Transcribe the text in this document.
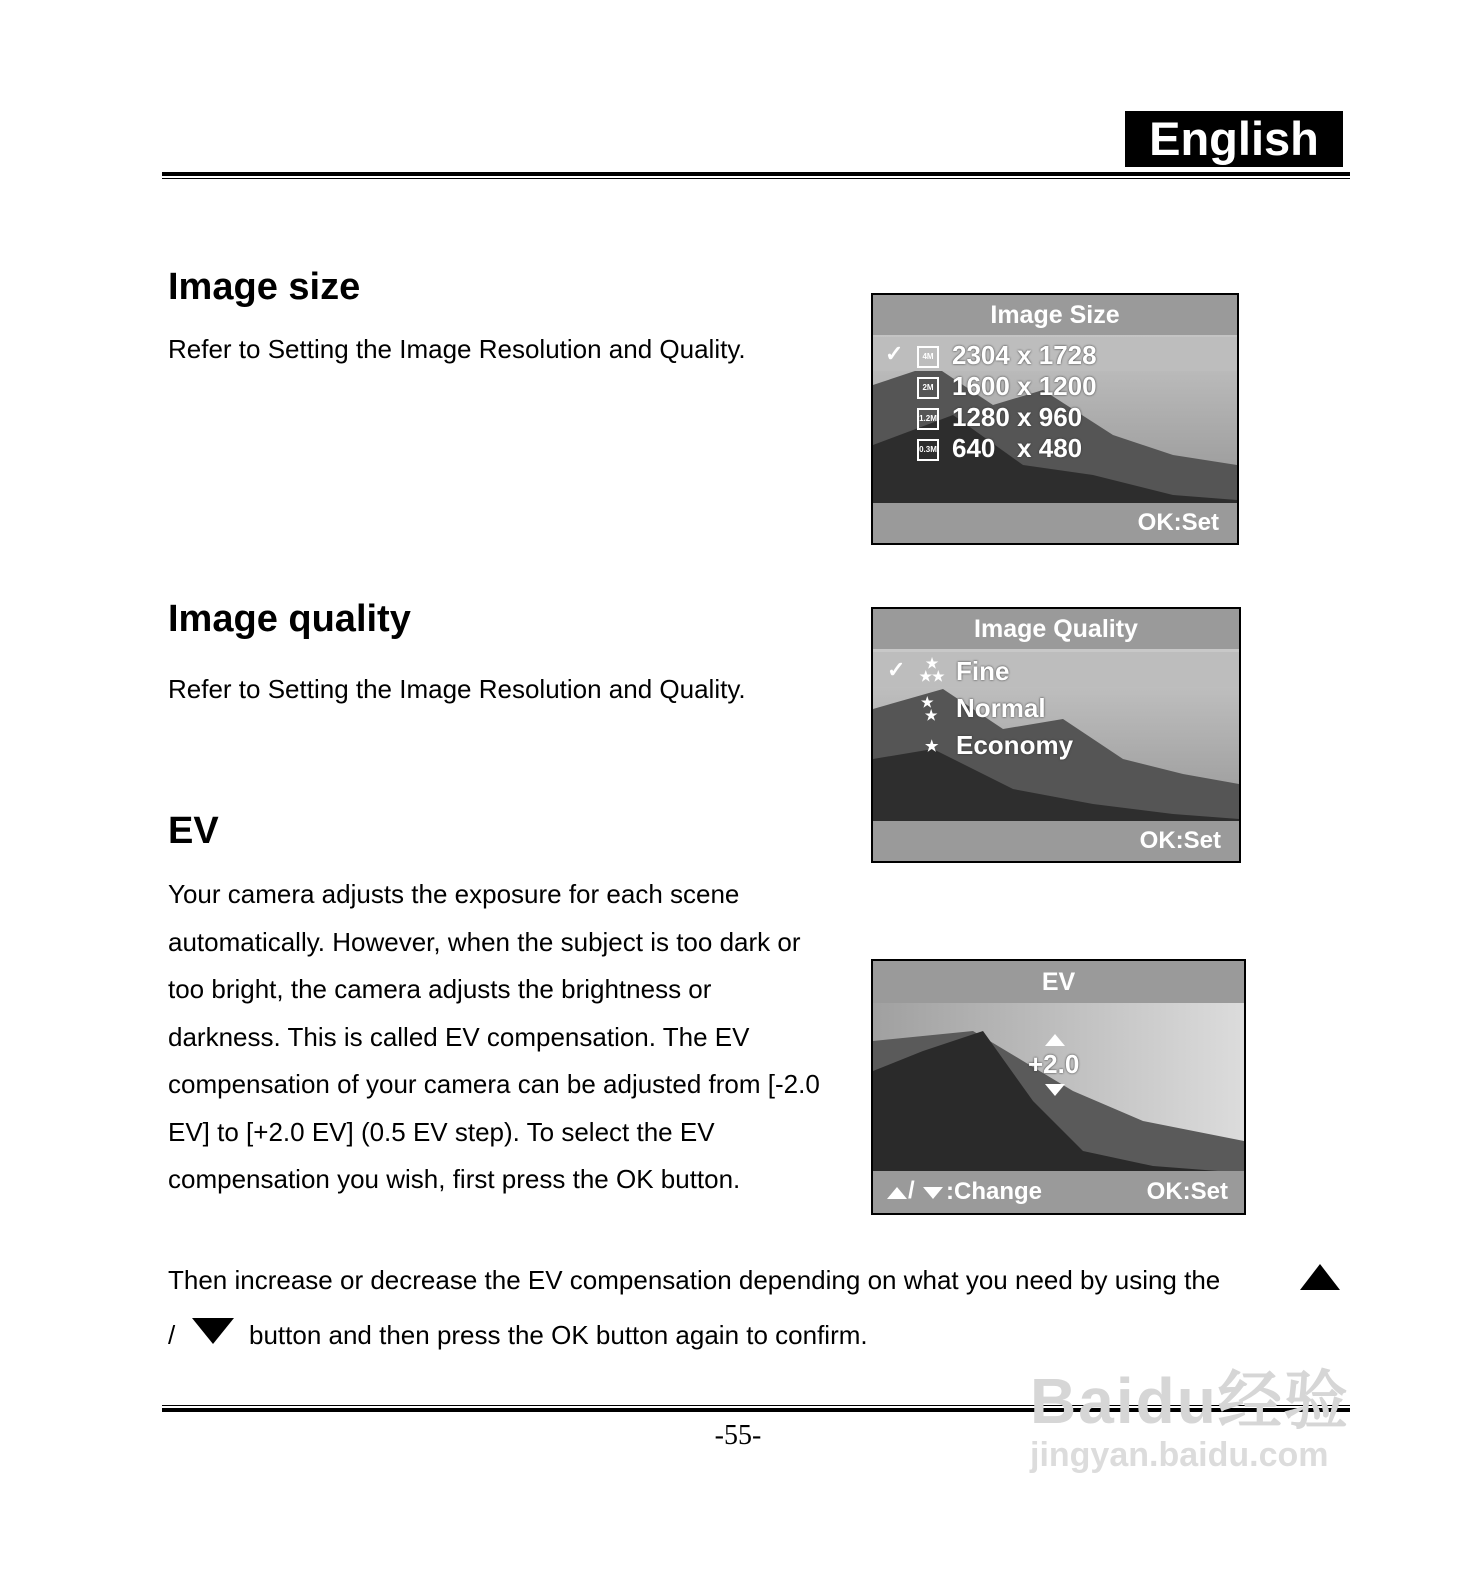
English
Image size

Refer to Setting the Image Resolution and Quality.

Image quality

Refer to Setting the Image Resolution and Quality.

EV

Your camera adjusts the exposure for each scene automatically. However, when the subject is too dark or too bright, the camera adjusts the brightness or darkness. This is called EV compensation. The EV compensation of your camera can be adjusted from [-2.0 EV] to [+2.0 EV] (0.5 EV step). To select the EV compensation you wish, first press the OK button.

Then increase or decrease the EV compensation depending on what you need by using the

/	button and then press the OK button again to confirm.

Image Size
✓	4M 2304 x 1728
2M 1600 x 1200
1.2M 1280 x 960
0.3M 640   x 480
OK:Set
Image Quality
✓	★
★★ Fine
★
★ Normal
★ Economy
OK:Set
EV
+2.0
/ :Change	OK:Set
-55-	Baidu经验
jingyan.baidu.com
